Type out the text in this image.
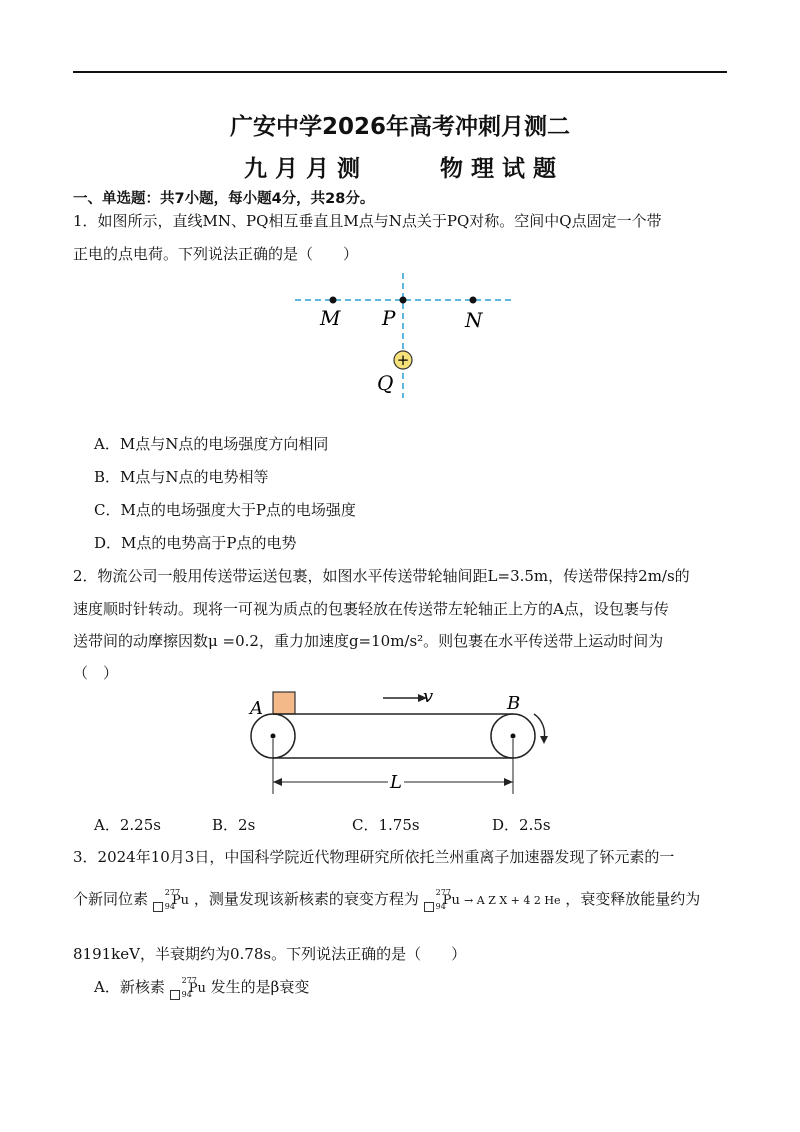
广安中学2026年高考冲刺月测二
九 月 月 测	物 理 试 题
一、单选题：共7小题，每小题4分，共28分。
1．如图所示，直线MN、PQ相互垂直且M点与N点关于PQ对称。空间中Q点固定一个带
正电的点电荷。下列说法正确的是（　　）
+
M P	N
Q
A．M点与N点的电场强度方向相同
B．M点与N点的电势相等
C．M点的电场强度大于P点的电场强度
D．M点的电势高于P点的电势
2．物流公司一般用传送带运送包裹，如图水平传送带轮轴间距L=3.5m，传送带保持2m/s的
速度顺时针转动。现将一可视为质点的包裹轻放在传送带左轮轴正上方的A点，设包裹与传
送带间的动摩擦因数μ =0.2，重力加速度g=10m/s²。则包裹在水平传送带上运动时间为
（　）
v
A	B
L
A．2.25s	B．2s	C．1.75s	D．2.5s
3．2024年10月3日，中国科学院近代物理研究所依托兰州重离子加速器发现了钚元素的一
个新同位素 277
94
Pu ，测量发现该新核素的衰变方程为 277
94
Pu → A Z X + 4 2 He ，衰变释放能量约为
8191keV，半衰期约为0.78s。下列说法正确的是（　　）
A．新核素 277
94
Pu 发生的是β衰变
